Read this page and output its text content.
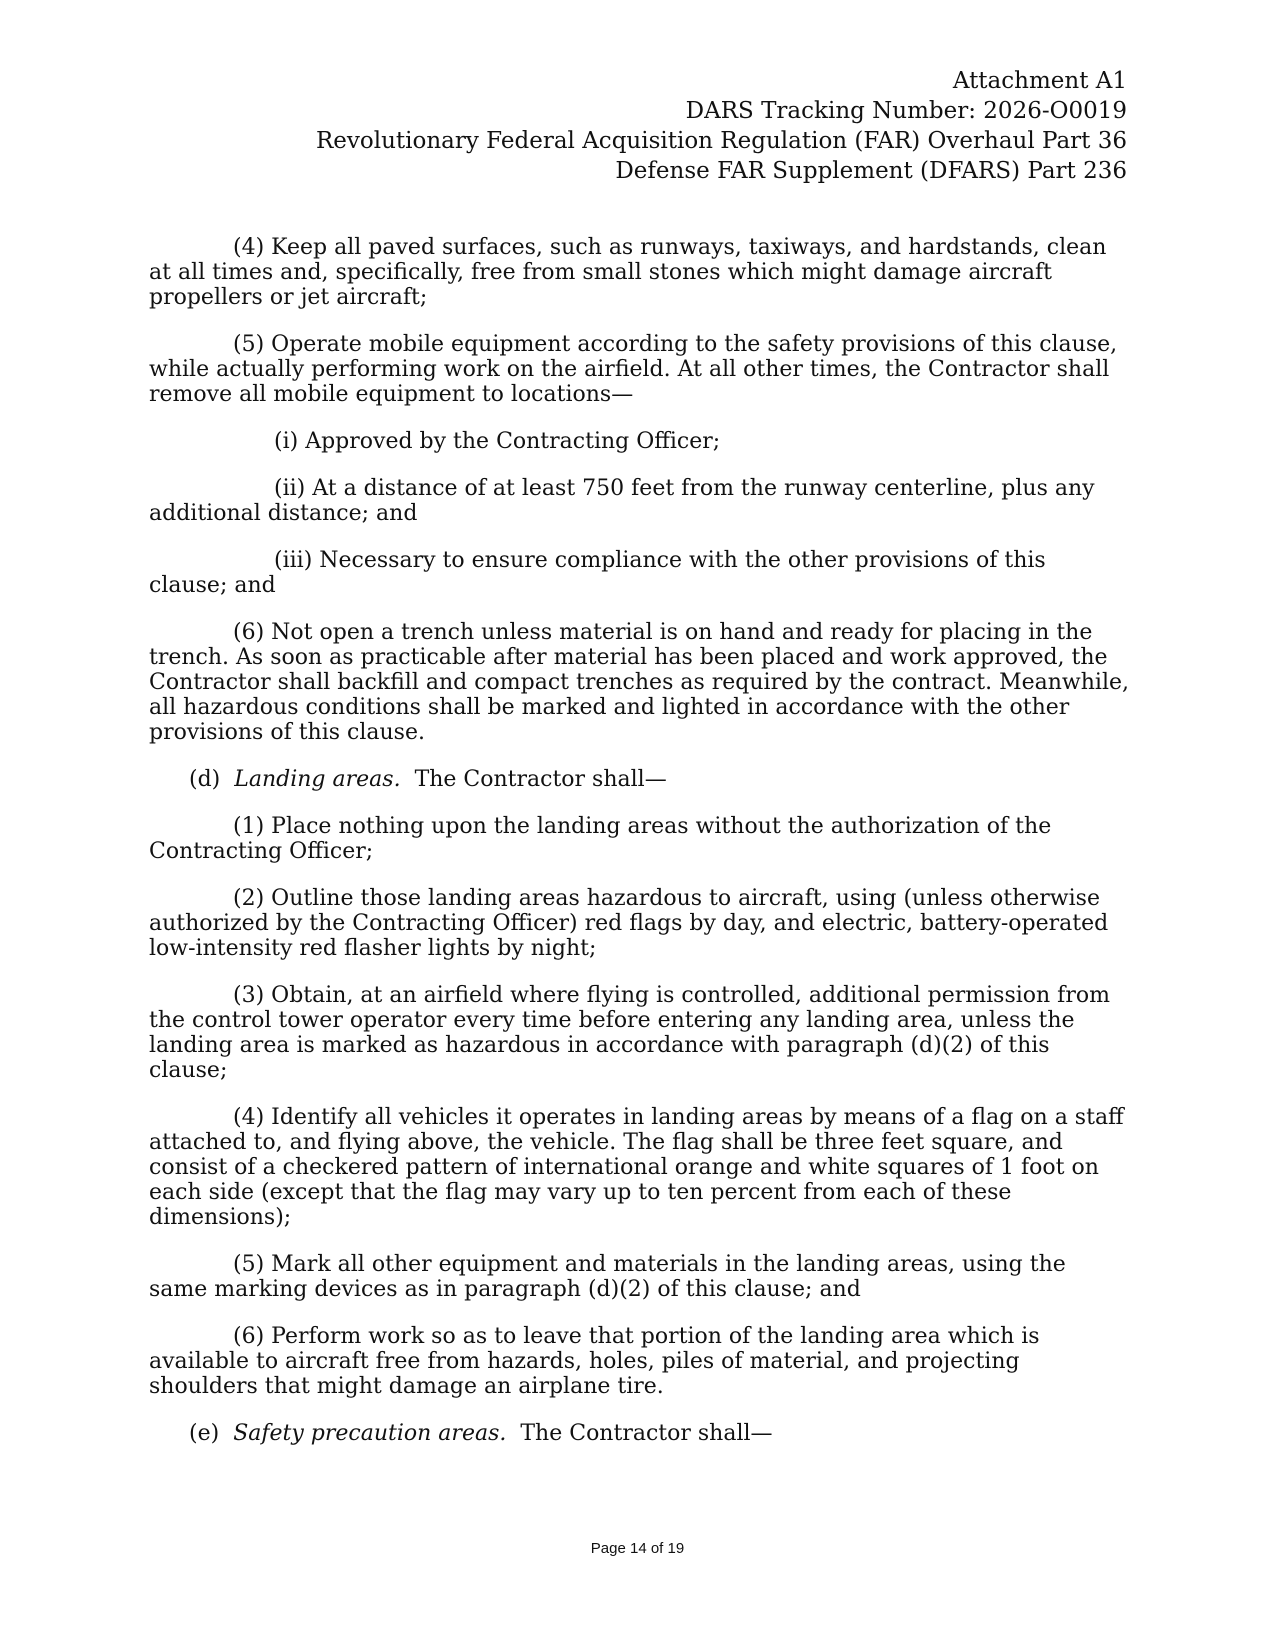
Attachment A1
DARS Tracking Number: 2026-O0019
Revolutionary Federal Acquisition Regulation (FAR) Overhaul Part 36
Defense FAR Supplement (DFARS) Part 236

(4) Keep all paved surfaces, such as runways, taxiways, and hardstands, clean at all times and, specifically, free from small stones which might damage aircraft propellers or jet aircraft;

(5) Operate mobile equipment according to the safety provisions of this clause, while actually performing work on the airfield. At all other times, the Contractor shall remove all mobile equipment to locations—

(i) Approved by the Contracting Officer;

(ii) At a distance of at least 750 feet from the runway centerline, plus any additional distance; and

(iii) Necessary to ensure compliance with the other provisions of this clause; and

(6) Not open a trench unless material is on hand and ready for placing in the trench. As soon as practicable after material has been placed and work approved, the Contractor shall backfill and compact trenches as required by the contract. Meanwhile, all hazardous conditions shall be marked and lighted in accordance with the other provisions of this clause.

(d) Landing areas. The Contractor shall—

(1) Place nothing upon the landing areas without the authorization of the Contracting Officer;

(2) Outline those landing areas hazardous to aircraft, using (unless otherwise authorized by the Contracting Officer) red flags by day, and electric, battery-operated low-intensity red flasher lights by night;

(3) Obtain, at an airfield where flying is controlled, additional permission from the control tower operator every time before entering any landing area, unless the landing area is marked as hazardous in accordance with paragraph (d)(2) of this clause;

(4) Identify all vehicles it operates in landing areas by means of a flag on a staff attached to, and flying above, the vehicle. The flag shall be three feet square, and consist of a checkered pattern of international orange and white squares of 1 foot on each side (except that the flag may vary up to ten percent from each of these dimensions);

(5) Mark all other equipment and materials in the landing areas, using the same marking devices as in paragraph (d)(2) of this clause; and

(6) Perform work so as to leave that portion of the landing area which is available to aircraft free from hazards, holes, piles of material, and projecting shoulders that might damage an airplane tire.

(e) Safety precaution areas. The Contractor shall—

Page 14 of 19
